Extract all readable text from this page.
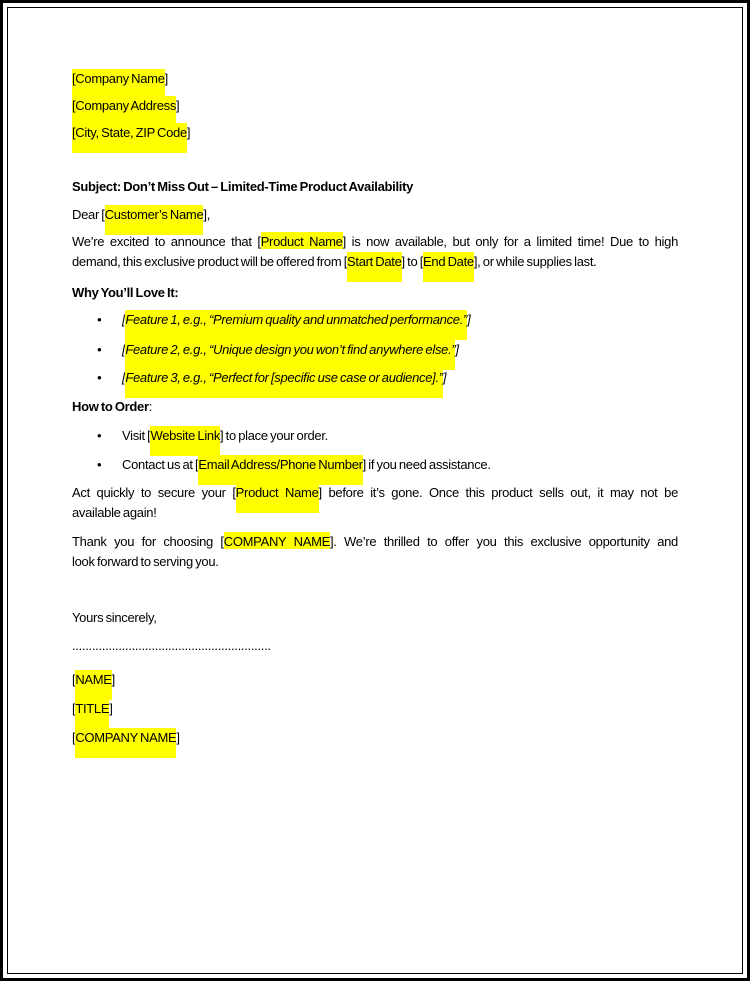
[Company Name]

[Company Address]

[City, State, ZIP Code]

Subject: Don’t Miss Out – Limited-Time Product Availability

Dear [Customer’s Name],

We’re excited to announce that [Product Name] is now available, but only for a limited time! Due to high

demand, this exclusive product will be offered from [Start Date] to [End Date], or while supplies last.

Why You’ll Love It:

• [Feature 1, e.g., “Premium quality and unmatched performance.”]
• [Feature 2, e.g., “Unique design you won’t find anywhere else.”]
• [Feature 3, e.g., “Perfect for [specific use case or audience].”]

How to Order:

• Visit [Website Link] to place your order.
• Contact us at [Email Address/Phone Number] if you need assistance.

Act quickly to secure your [Product Name] before it’s gone. Once this product sells out, it may not be

available again!

Thank you for choosing [COMPANY NAME]. We’re thrilled to offer you this exclusive opportunity and

look forward to serving you.

Yours sincerely,

............................................................

[NAME]

[TITLE]

[COMPANY NAME]
